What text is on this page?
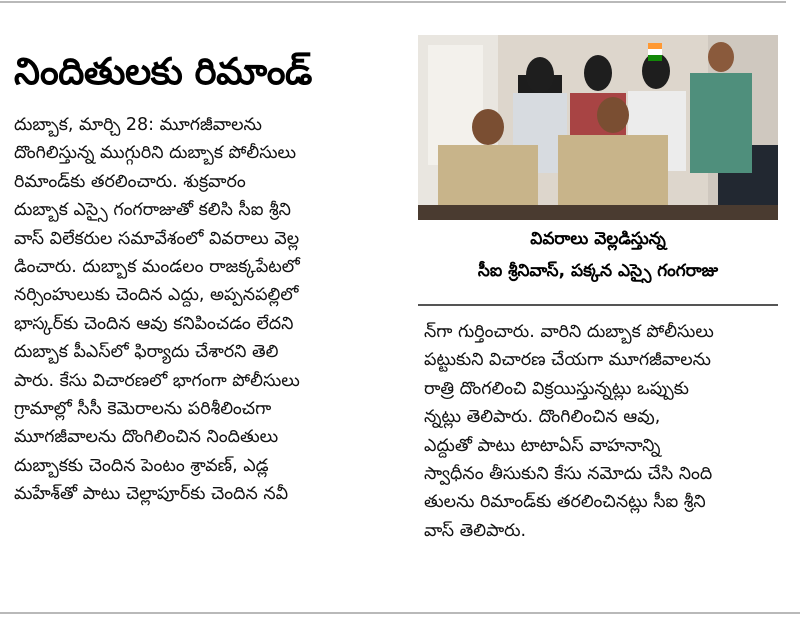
నిందితులకు రిమాండ్
దుబ్బాక, మార్చి 28: మూగజీవాలను
దొంగిలిస్తున్న ముగ్గురిని దుబ్బాక పోలీసులు
రిమాండ్‌కు తరలించారు. శుక్రవారం
దుబ్బాక ఎస్సై గంగరాజుతో కలిసి సీఐ శ్రీని
వాస్ విలేకరుల సమావేశంలో వివరాలు వెల్ల
డించారు. దుబ్బాక మండలం రాజక్కపేటలో
నర్సింహులుకు చెందిన ఎద్దు, అప్పనపల్లిలో
భాస్కర్‌కు చెందిన ఆవు కనిపించడం లేదని
దుబ్బాక పీఎస్‌లో ఫిర్యాదు చేశారని తెలి
పారు. కేసు విచారణలో భాగంగా పోలీసులు
గ్రామాల్లో సీసీ కెమెరాలను పరిశీలించగా
మూగజీవాలను దొంగిలించిన నిందితులు
దుబ్బాకకు చెందిన పెంటం శ్రావణ్, ఎడ్ల
మహేశ్‌తో పాటు చెల్లాపూర్‌కు చెందిన నవీ
వివరాలు వెల్లడిస్తున్న
సీఐ శ్రీనివాస్, పక్కన ఎస్సై గంగరాజు
న్‌గా గుర్తించారు. వారిని దుబ్బాక పోలీసులు
పట్టుకుని విచారణ చేయగా మూగజీవాలను
రాత్రి దొంగలించి విక్రయిస్తున్నట్లు ఒప్పుకు
న్నట్లు తెలిపారు. దొంగిలించిన ఆవు,
ఎద్దుతో పాటు టాటాఏస్ వాహనాన్ని
స్వాధీనం తీసుకుని కేసు నమోదు చేసి నింది
తులను రిమాండ్‌కు తరలించినట్లు సీఐ శ్రీని
వాస్ తెలిపారు.
